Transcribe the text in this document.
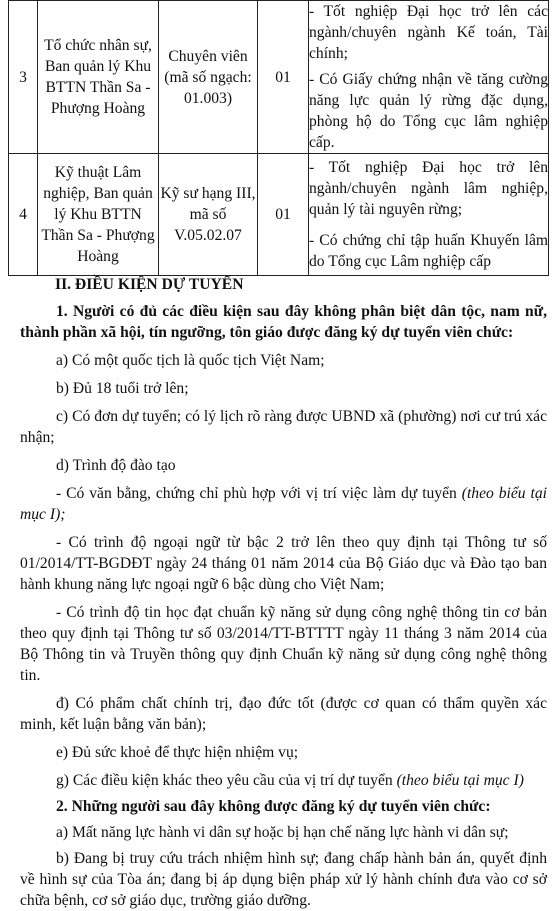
3	Tổ chức nhân sự, Ban quản lý Khu BTTN Thần Sa - Phượng Hoàng	Chuyên viên (mã số ngạch: 01.003)	01	- Tốt nghiệp Đại học trở lên các ngành/chuyên ngành Kế toán, Tài chính;

- Có Giấy chứng nhận về tăng cường năng lực quản lý rừng đặc dụng, phòng hộ do Tổng cục lâm nghiệp cấp.

4	Kỹ thuật Lâm nghiệp, Ban quản lý Khu BTTN Thần Sa - Phượng Hoàng	Kỹ sư hạng III, mã số V.05.02.07	01	- Tốt nghiệp Đại học trở lên ngành/chuyên ngành lâm nghiệp, quản lý tài nguyên rừng;

- Có chứng chỉ tập huấn Khuyến lâm do Tổng cục Lâm nghiệp cấp

II. ĐIỀU KIỆN DỰ TUYỂN

1. Người có đủ các điều kiện sau đây không phân biệt dân tộc, nam nữ, thành phần xã hội, tín ngưỡng, tôn giáo được đăng ký dự tuyển viên chức:

a) Có một quốc tịch là quốc tịch Việt Nam;

b) Đủ 18 tuổi trở lên;

c) Có đơn dự tuyển; có lý lịch rõ ràng được UBND xã (phường) nơi cư trú xác nhận;

d) Trình độ đào tạo

- Có văn bằng, chứng chỉ phù hợp với vị trí việc làm dự tuyển (theo biểu tại mục I);

- Có trình độ ngoại ngữ từ bậc 2 trở lên theo quy định tại Thông tư số 01/2014/TT-BGDĐT ngày 24 tháng 01 năm 2014 của Bộ Giáo dục và Đào tạo ban hành khung năng lực ngoại ngữ 6 bậc dùng cho Việt Nam;

- Có trình độ tin học đạt chuẩn kỹ năng sử dụng công nghệ thông tin cơ bản theo quy định tại Thông tư số 03/2014/TT-BTTTT ngày 11 tháng 3 năm 2014 của Bộ Thông tin và Truyền thông quy định Chuẩn kỹ năng sử dụng công nghệ thông tin.

đ) Có phẩm chất chính trị, đạo đức tốt (được cơ quan có thẩm quyền xác minh, kết luận bằng văn bản);

e) Đủ sức khoẻ để thực hiện nhiệm vụ;

g) Các điều kiện khác theo yêu cầu của vị trí dự tuyển (theo biểu tại mục I)

2. Những người sau đây không được đăng ký dự tuyển viên chức:

a) Mất năng lực hành vi dân sự hoặc bị hạn chế năng lực hành vi dân sự;

b) Đang bị truy cứu trách nhiệm hình sự; đang chấp hành bản án, quyết định về hình sự của Tòa án; đang bị áp dụng biện pháp xử lý hành chính đưa vào cơ sở chữa bệnh, cơ sở giáo dục, trường giáo dưỡng.
